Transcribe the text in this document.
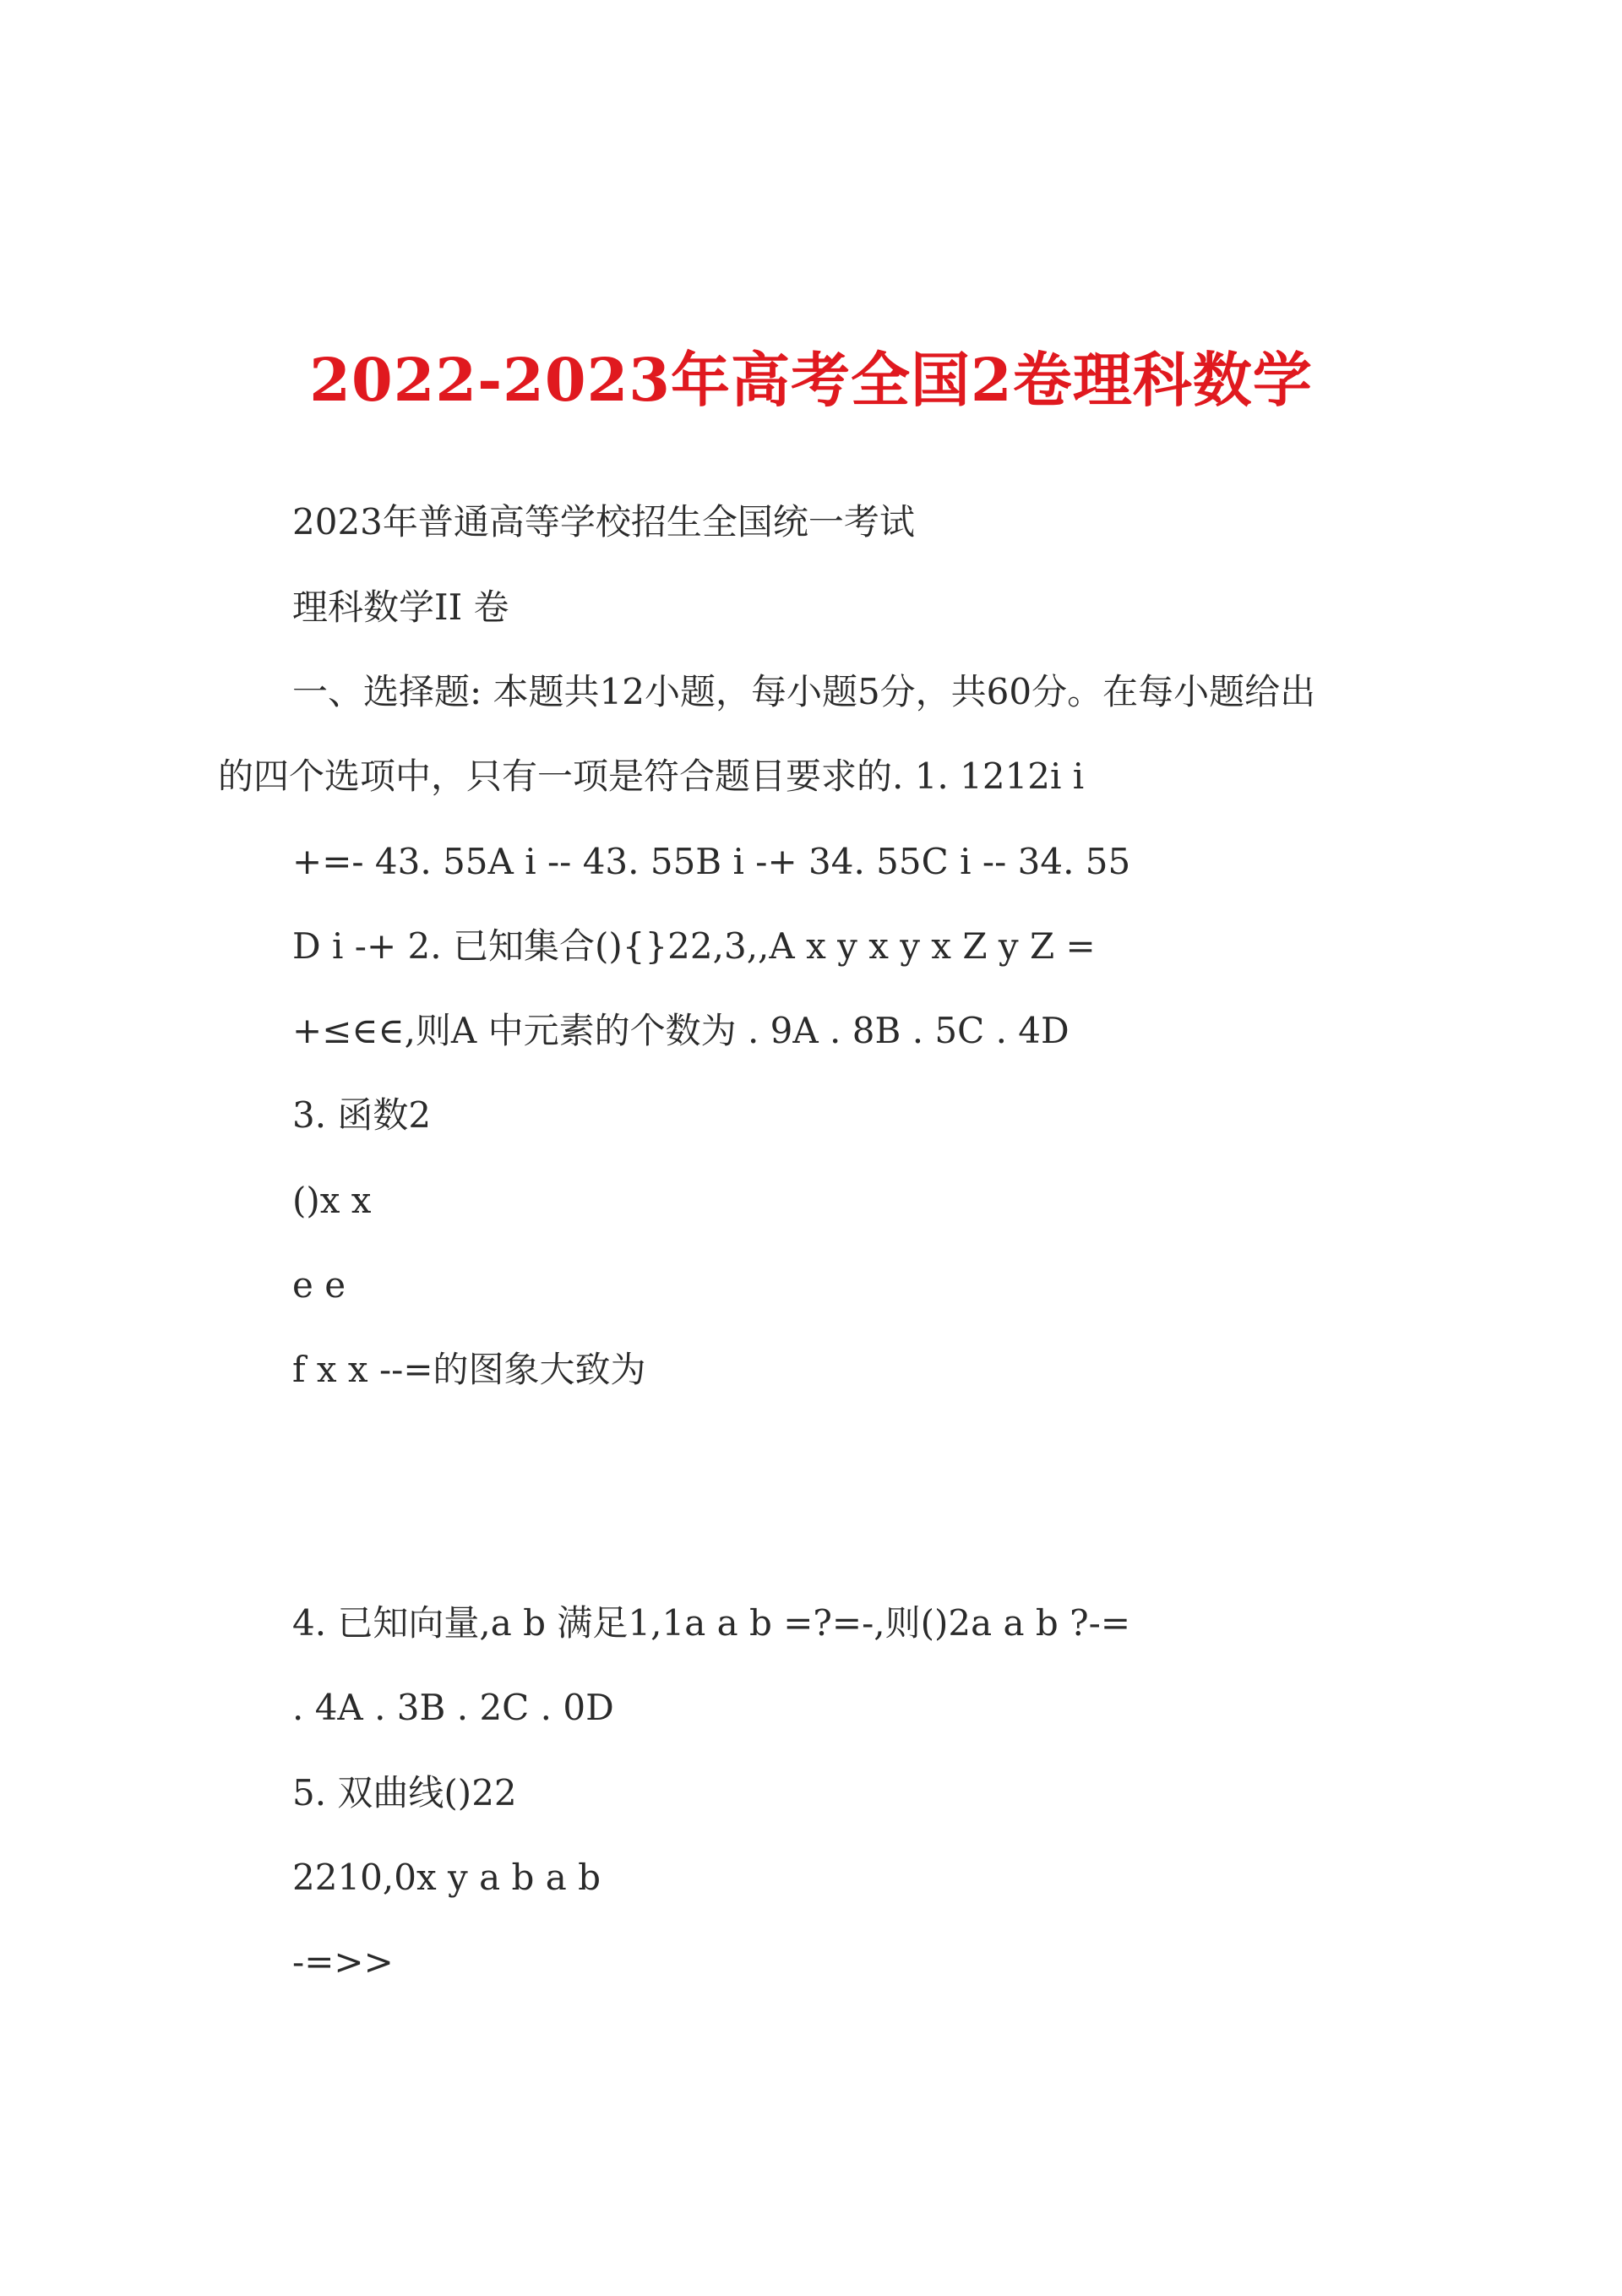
2022-2023年高考全国2卷理科数学
2023年普通高等学校招生全国统一考试
理科数学II 卷
一、选择题: 本题共12小题，每小题5分，共60分。在每小题给出
的四个选项中，只有一项是符合题目要求的. 1. 1212i i
+=- 43. 55A i -- 43. 55B i -+ 34. 55C i -- 34. 55
D i -+ 2. 已知集合(){}22,3,,A x y x y x Z y Z =
+≤∈∈,则A 中元素的个数为 . 9A . 8B . 5C . 4D
3. 函数2
()x x
e e
f x x --=的图象大致为
4. 已知向量,a b 满足1,1a a b =?=-,则()2a a b ?-=
. 4A . 3B . 2C . 0D
5. 双曲线()22
2210,0x y a b a b
-=>>
